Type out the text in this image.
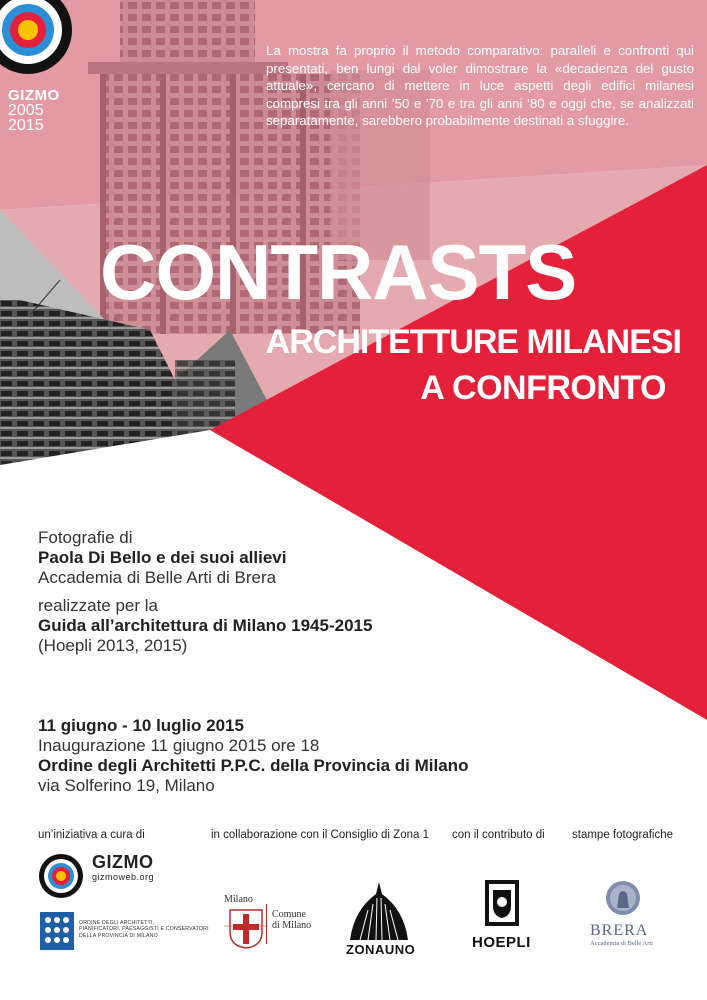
GIZMO
2005
2015
La mostra fa proprio il metodo comparativo: paralleli e confronti qui presentati, ben lungi dal voler dimostrare la «decadenza del gusto attuale», cercano di mettere in luce aspetti degli edifici milanesi compresi tra gli anni ’50 e ’70 e tra gli anni ’80 e oggi che, se analizzati separatamente, sarebbero probabilmente destinati a sfuggire.
CONTRASTS
ARCHITETTURE MILANESI
A CONFRONTO
Fotografie di
Paola Di Bello e dei suoi allievi
Accademia di Belle Arti di Brera
realizzate per la
Guida all’architettura di Milano 1945-2015
(Hoepli 2013, 2015)
11 giugno - 10 luglio 2015
Inaugurazione 11 giugno 2015 ore 18
Ordine degli Architetti P.P.C. della Provincia di Milano
via Solferino 19, Milano
un’iniziativa a cura di	in collaborazione con il Consiglio di Zona 1 con il contributo di stampe fotografiche
GIZMO
gizmoweb.org
ORDINE DEGLI ARCHITETTI,
PIANIFICATORI, PAESAGGISTI E CONSERVATORI
DELLA PROVINCIA DI MILANO
Milano
Comune
di Milano
ZONAUNO	HOEPLI
BRERA
Accademia di Belle Arti
